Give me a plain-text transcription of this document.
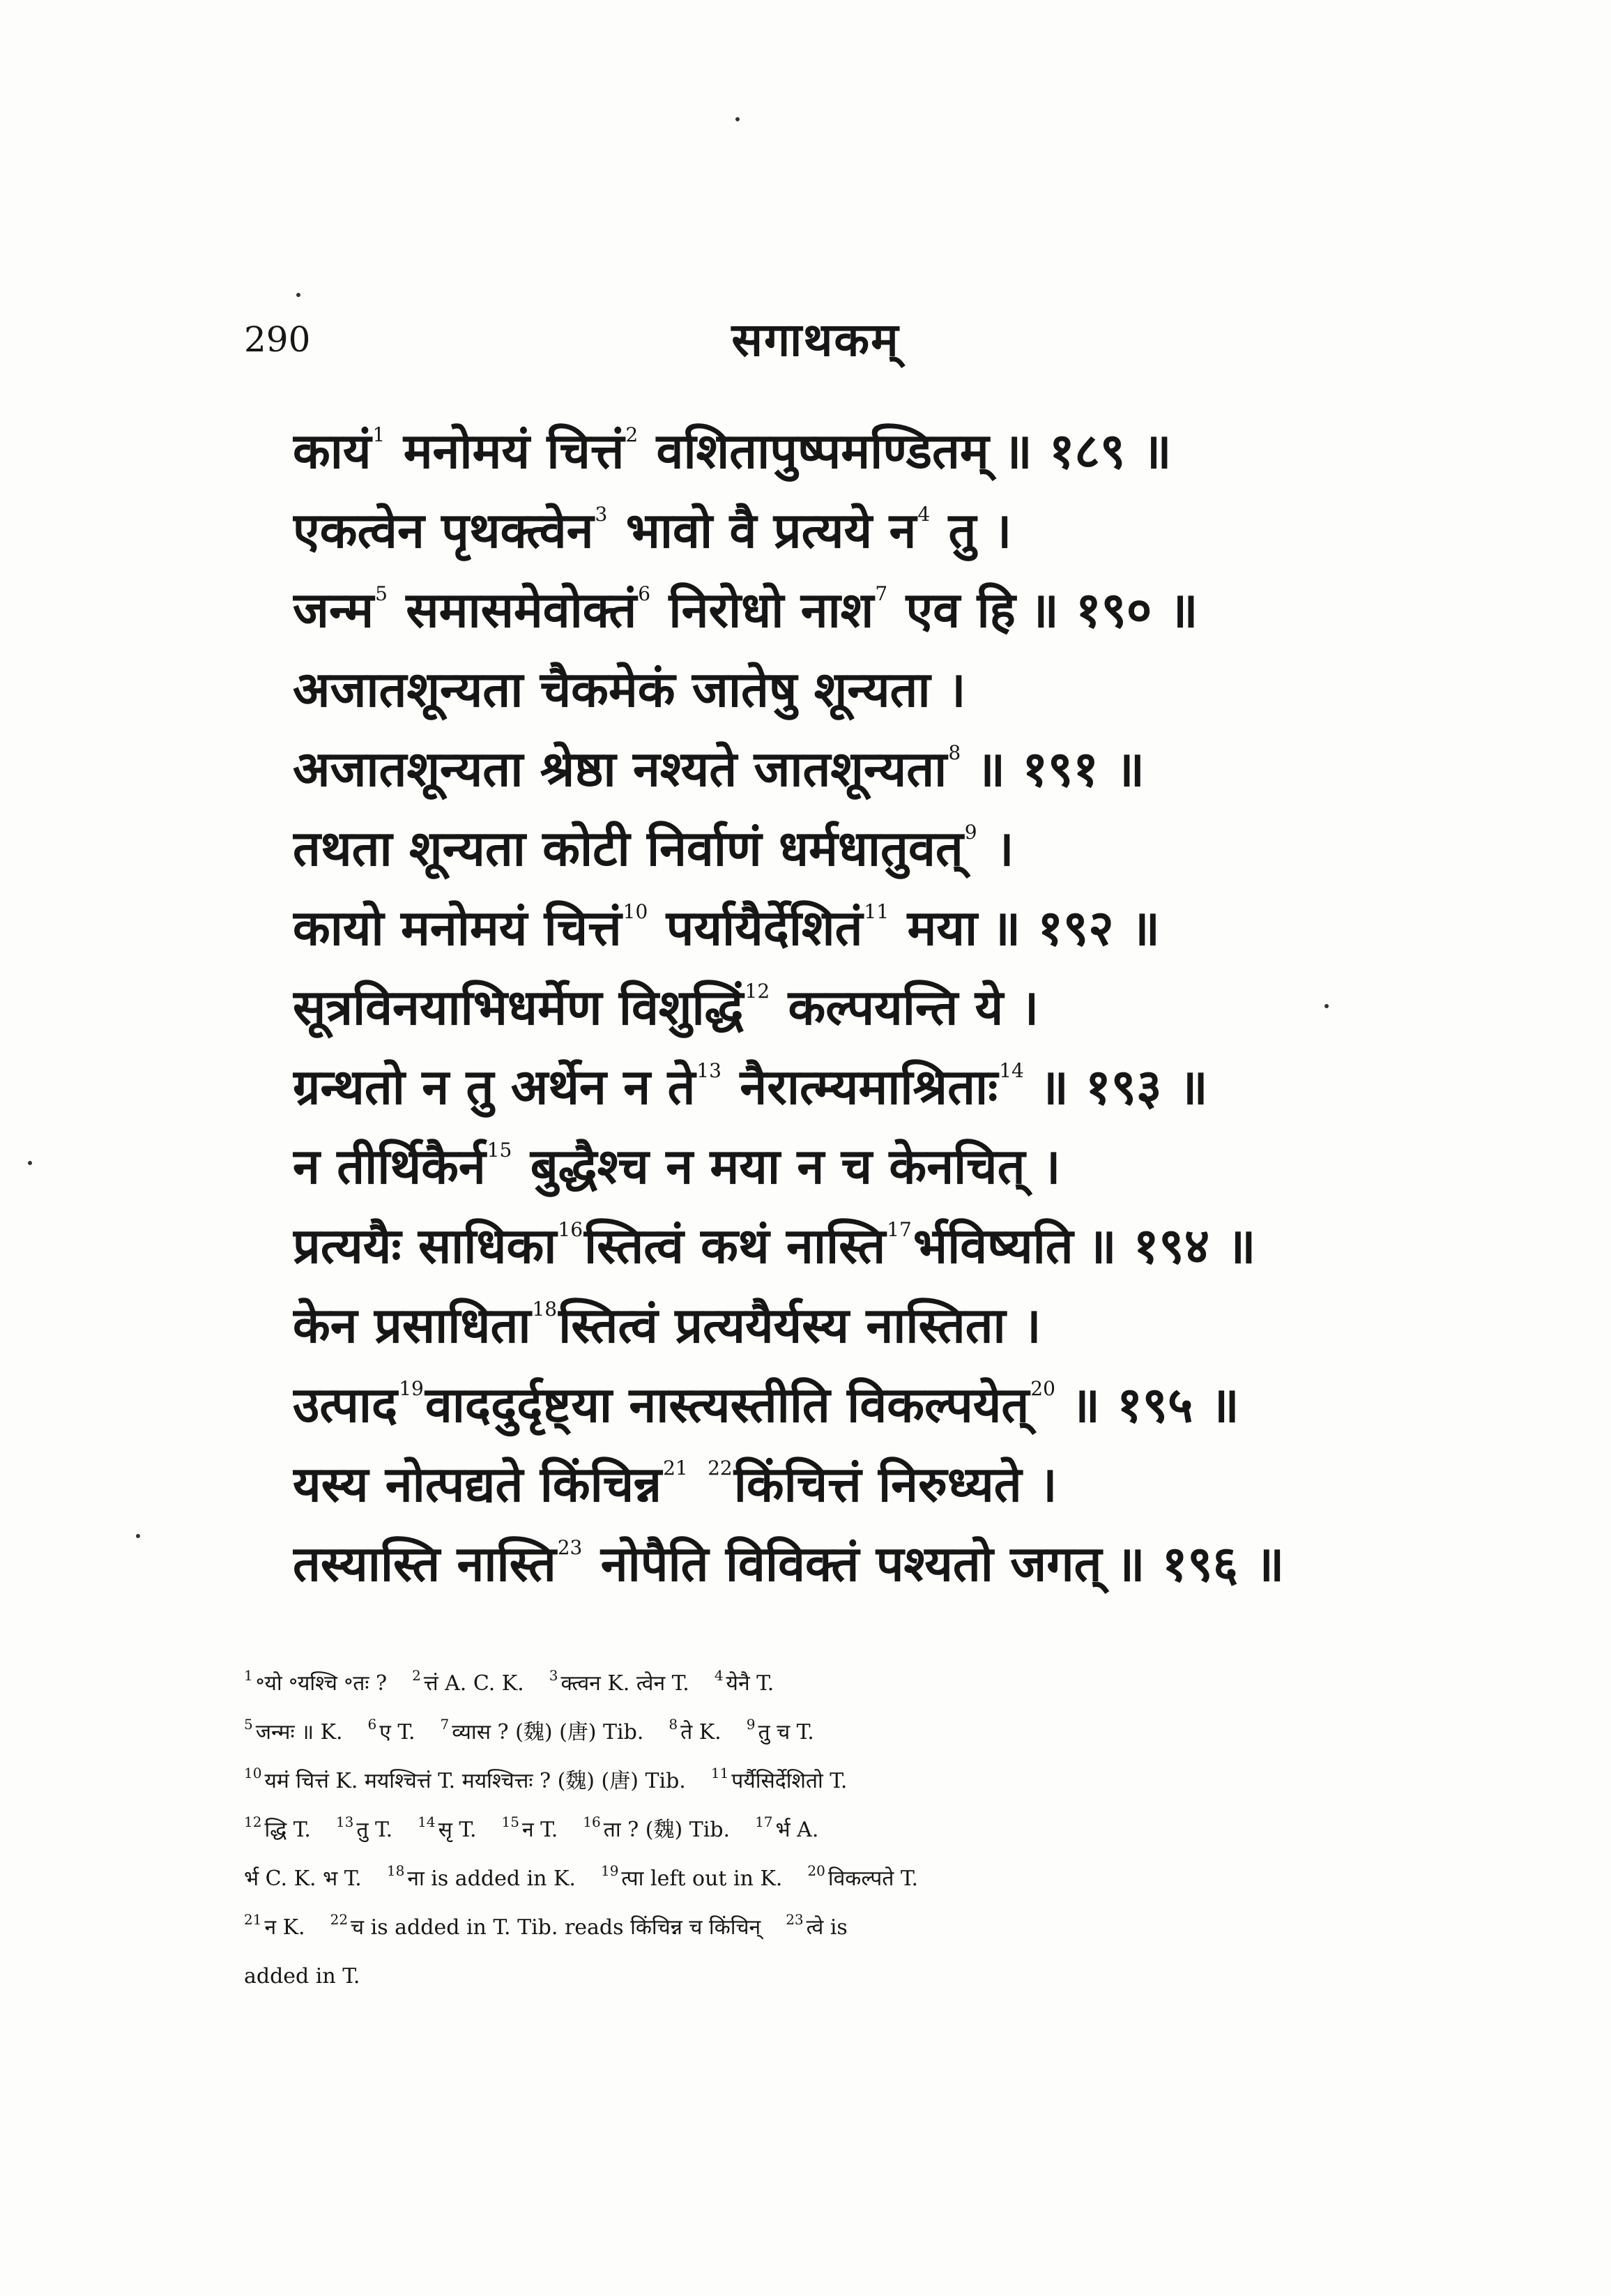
290	सगाथकम्
कायं$^1$ मनोमयं चित्तं$^2$ वशितापुष्पमण्डितम् ॥ १८९ ॥
एकत्वेन पृथक्त्वेन$^3$ भावो वै प्रत्यये न$^4$ तु ।
जन्म$^5$ समासमेवोक्तं$^6$ निरोधो नाश$^7$ एव हि ॥ १९० ॥
अजातशून्यता चैकमेकं जातेषु शून्यता ।
अजातशून्यता श्रेष्ठा नश्यते जातशून्यता$^8$ ॥ १९१ ॥
तथता शून्यता कोटी निर्वाणं धर्मधातुवत्$^9$ ।
कायो मनोमयं चित्तं$^{10}$ पर्यायैर्देशितं$^{11}$ मया ॥ १९२ ॥
सूत्रविनयाभिधर्मेण विशुद्धिं$^{12}$ कल्पयन्ति ये ।
ग्रन्थतो न तु अर्थेन न ते$^{13}$ नैरात्म्यमाश्रिताः$^{14}$ ॥ १९३ ॥
न तीर्थिकैर्न$^{15}$ बुद्धैश्च न मया न च केनचित् ।
प्रत्ययैः साधिका$^{16}$स्तित्वं कथं नास्ति$^{17}$र्भविष्यति ॥ १९४ ॥
केन प्रसाधिता$^{18}$स्तित्वं प्रत्ययैर्यस्य नास्तिता ।
उत्पाद$^{19}$वाददुर्दृष्ट्या नास्त्यस्तीति विकल्पयेत्$^{20}$ ॥ १९५ ॥
यस्य नोत्पद्यते किंचिन्न$^{21}$ $^{22}$किंचित्तं निरुध्यते ।
तस्यास्ति नास्ति$^{23}$ नोपैति विविक्तं पश्यतो जगत् ॥ १९६ ॥
$^1$ ॰यो ॰यश्चि ॰तः ? $^2$ त्तं A. C. K. $^3$ क्त्वन K. त्वेन T. $^4$ येनै T.
$^5$ जन्मः ॥ K. $^6$ ए T. $^7$ व्यास ? (魏) (唐) Tib. $^8$ ते K. $^9$ तु च T.
$^{10}$ यमं चित्तं K. मयश्चित्तं T. मयश्चित्तः ? (魏) (唐) Tib. $^{11}$ पर्यैसिर्देशितो T.
$^{12}$ द्धि T. $^{13}$ तु T. $^{14}$ सृ T. $^{15}$ न T. $^{16}$ ता ? (魏) Tib. $^{17}$ र्भ A.
र्भ C. K. भ T. $^{18}$ ना is added in K. $^{19}$ त्पा left out in K. $^{20}$ विकल्पते T.
$^{21}$ न K. $^{22}$ च is added in T. Tib. reads किंचिन्न च किंचिन् $^{23}$ त्वे is
added in T.
